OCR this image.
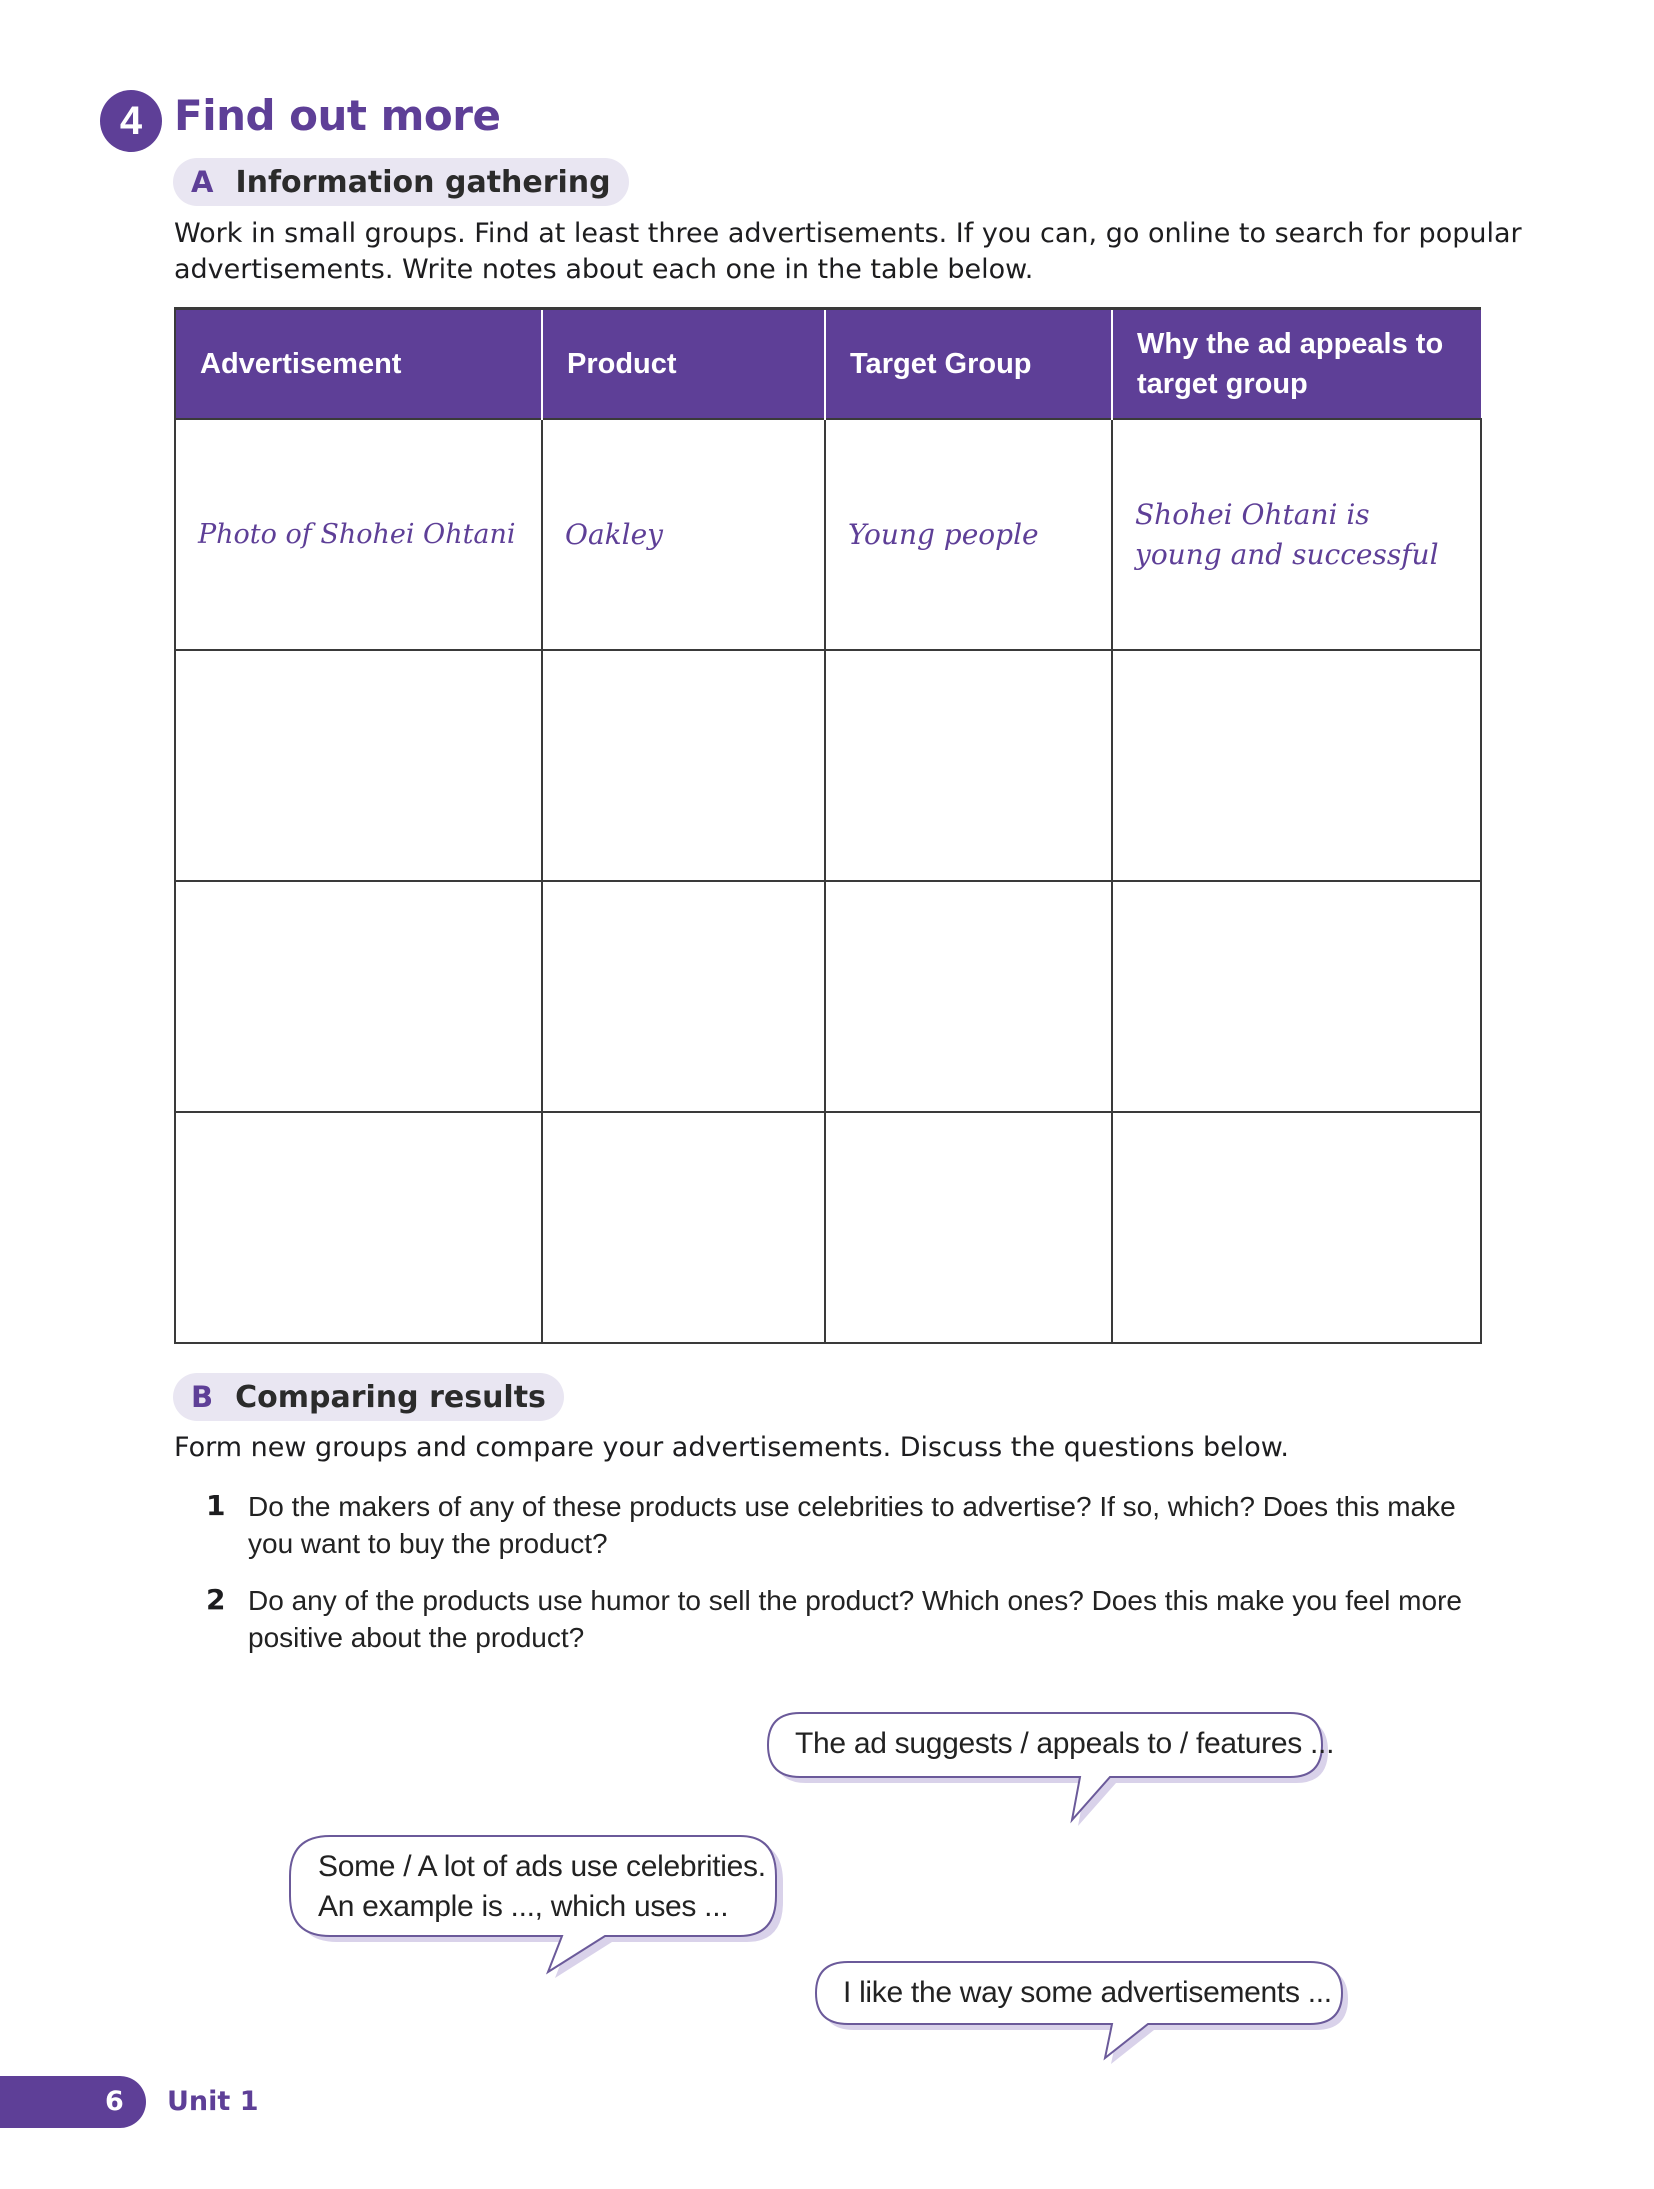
4 Find out more
A Information gathering
Work in small groups. Find at least three advertisements. If you can, go online to search for popular
advertisements. Write notes about each one in the table below.
Advertisement	Product	Target Group	Why the ad appeals to target group
Photo of Shohei Ohtani	Oakley	Young people	Shohei Ohtani is young and successful

B Comparing results
Form new groups and compare your advertisements. Discuss the questions below.
1 Do the makers of any of these products use celebrities to advertise? If so, which? Does this make
you want to buy the product?
2 Do any of the products use humor to sell the product? Which ones? Does this make you feel more
positive about the product?
The ad suggests / appeals to / features ...
Some / A lot of ads use celebrities.
An example is ..., which uses ...
I like the way some advertisements ...
6 Unit 1
